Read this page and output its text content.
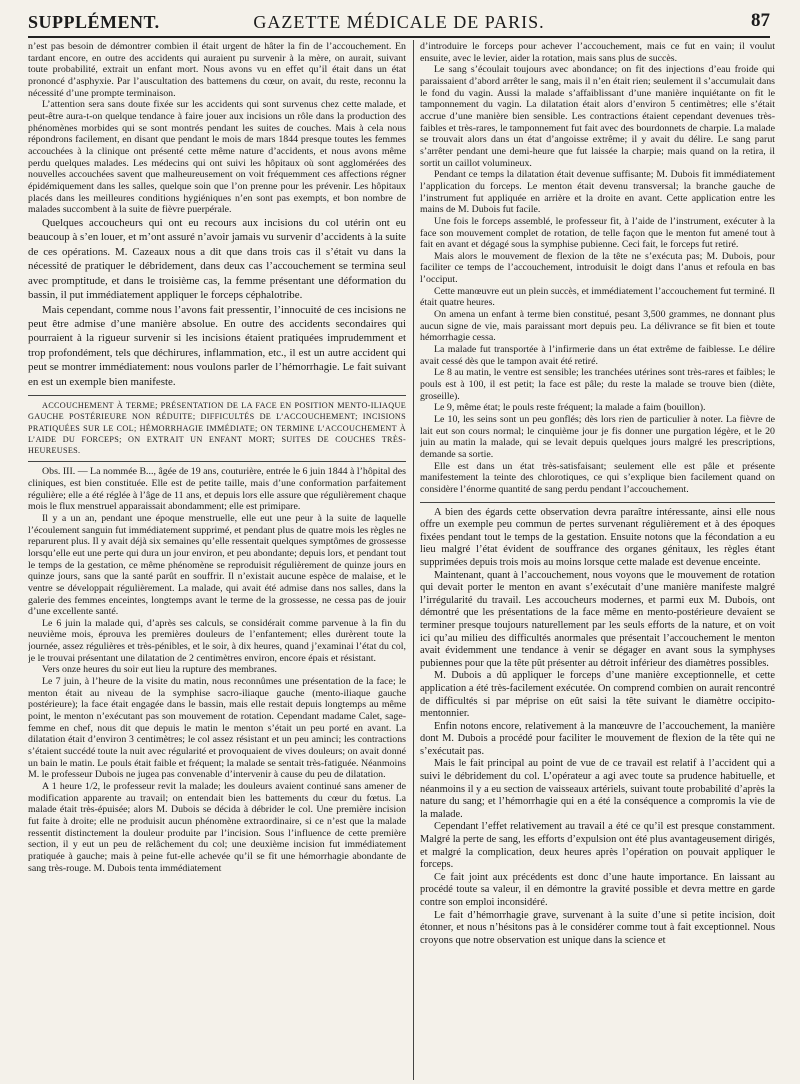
SUPPLÉMENT.	GAZETTE MÉDICALE DE PARIS.	87

n’est pas besoin de démontrer combien il était urgent de hâter la fin de l’accouchement. En tardant encore, en outre des accidents qui auraient pu survenir à la mère, on aurait, suivant toute probabilité, extrait un enfant mort. Nous avons vu en effet qu’il était dans un état prononcé d’asphyxie. Par l’auscultation des battemens du cœur, on avait, du reste, reconnu la nécessité d’une prompte terminaison.

L’attention sera sans doute fixée sur les accidents qui sont survenus chez cette malade, et peut-être aura-t-on quelque tendance à faire jouer aux incisions un rôle dans la production des phénomènes morbides qui se sont montrés pendant les suites de couches. Mais à cela nous répondrons facilement, en disant que pendant le mois de mars 1844 presque toutes les femmes accouchées à la clinique ont présenté cette même nature d’accidents, et nous avons même perdu quelques malades. Les médecins qui ont suivi les hôpitaux où sont agglomérées des nouvelles accouchées savent que malheureusement on voit fréquemment ces affections régner épidémiquement dans les salles, quelque soin que l’on prenne pour les prévenir. Les hôpitaux placés dans les meilleures conditions hygiéniques n’en sont pas exempts, et bon nombre de malades succombent à la suite de fièvre puerpérale.

Quelques accoucheurs qui ont eu recours aux incisions du col utérin ont eu beaucoup à s’en louer, et m’ont assuré n’avoir jamais vu survenir d’accidents à la suite de ces opérations. M. Cazeaux nous a dit que dans trois cas il s’était vu dans la nécessité de pratiquer le débridement, dans deux cas l’accouchement se termina seul avec promptitude, et dans le troisième cas, la femme présentant une déformation du bassin, il put immédiatement appliquer le forceps céphalotribe.

Mais cependant, comme nous l’avons fait pressentir, l’innocuité de ces incisions ne peut être admise d’une manière absolue. En outre des accidents secondaires qui pourraient à la rigueur survenir si les incisions étaient pratiquées imprudemment et trop profondément, tels que déchirures, inflammation, etc., il est un autre accident qui peut se montrer immédiatement: nous voulons parler de l’hémorrhagie. Le fait suivant en est un exemple bien manifeste.

ACCOUCHEMENT À TERME; PRÉSENTATION DE LA FACE EN POSITION MENTO-ILIAQUE GAUCHE POSTÉRIEURE NON RÉDUITE; DIFFICULTÉS DE L’ACCOUCHEMENT; INCISIONS PRATIQUÉES SUR LE COL; HÉMORRHAGIE IMMÉDIATE; ON TERMINE L’ACCOUCHEMENT À L’AIDE DU FORCEPS; ON EXTRAIT UN ENFANT MORT; SUITES DE COUCHES TRÈS-HEUREUSES.

Obs. III. — La nommée B..., âgée de 19 ans, couturière, entrée le 6 juin 1844 à l’hôpital des cliniques, est bien constituée. Elle est de petite taille, mais d’une conformation parfaitement régulière; elle a été réglée à l’âge de 11 ans, et depuis lors elle assure que régulièrement chaque mois le flux menstruel apparaissait abondamment; elle est primipare.

Il y a un an, pendant une époque menstruelle, elle eut une peur à la suite de laquelle l’écoulement sanguin fut immédiatement supprimé, et pendant plus de quatre mois les règles ne reparurent plus. Il y avait déjà six semaines qu’elle ressentait quelques symptômes de grossesse lorsqu’elle eut une perte qui dura un jour environ, et peu abondante; depuis lors, et pendant tout le temps de la gestation, ce même phénomène se reproduisit régulièrement de quinze jours en quinze jours, sans que la santé parût en souffrir. Il n’existait aucune espèce de malaise, et le ventre se développait régulièrement. La malade, qui avait été admise dans nos salles, dans la galerie des femmes enceintes, longtemps avant le terme de la grossesse, ne cessa pas de jouir d’une excellente santé.

Le 6 juin la malade qui, d’après ses calculs, se considérait comme parvenue à la fin du neuvième mois, éprouva les premières douleurs de l’enfantement; elles durèrent toute la journée, assez régulières et très-pénibles, et le soir, à dix heures, quand j’examinai l’état du col, je le trouvai présentant une dilatation de 2 centimètres environ, encore épais et résistant.

Vers onze heures du soir eut lieu la rupture des membranes.

Le 7 juin, à l’heure de la visite du matin, nous reconnûmes une présentation de la face; le menton était au niveau de la symphise sacro-iliaque gauche (mento-iliaque gauche postérieure); la face était engagée dans le bassin, mais elle restait depuis longtemps au même point, le menton n’exécutant pas son mouvement de rotation. Cependant madame Calet, sage-femme en chef, nous dit que depuis le matin le menton s’était un peu porté en avant. La dilatation était d’environ 3 centimètres; le col assez résistant et un peu aminci; les contractions s’étaient succédé toute la nuit avec régularité et provoquaient de vives douleurs; on avait donné un bain le matin. Le pouls était faible et fréquent; la malade se sentait très-fatiguée. Néanmoins M. le professeur Dubois ne jugea pas convenable d’intervenir à cause du peu de dilatation.

A 1 heure 1/2, le professeur revit la malade; les douleurs avaient continué sans amener de modification apparente au travail; on entendait bien les battements du cœur du fœtus. La malade était très-épuisée; alors M. Dubois se décida à débrider le col. Une première incision fut faite à droite; elle ne produisit aucun phénomène extraordinaire, si ce n’est que la malade ressentit distinctement la douleur produite par l’incision. Sous l’influence de cette première section, il y eut un peu de relâchement du col; une deuxième incision fut immédiatement pratiquée à gauche; mais à peine fut-elle achevée qu’il se fit une hémorrhagie abondante de sang très-rouge. M. Dubois tenta immédiatement

d’introduire le forceps pour achever l’accouchement, mais ce fut en vain; il voulut ensuite, avec le levier, aider la rotation, mais sans plus de succès.

Le sang s’écoulait toujours avec abondance; on fit des injections d’eau froide qui paraissaient d’abord arrêter le sang, mais il n’en était rien; seulement il s’accumulait dans le fond du vagin. Aussi la malade s’affaiblissant d’une manière inquiétante on fit le tamponnement du vagin. La dilatation était alors d’environ 5 centimètres; elle s’était accrue d’une manière bien sensible. Les contractions étaient cependant devenues très-faibles et très-rares, le tamponnement fut fait avec des bourdonnets de charpie. La malade se trouvait alors dans un état d’angoisse extrême; il y avait du délire. Le sang parut s’arrêter pendant une demi-heure que fut laissée la charpie; mais quand on la retira, il sortit un caillot volumineux.

Pendant ce temps la dilatation était devenue suffisante; M. Dubois fit immédiatement l’application du forceps. Le menton était devenu transversal; la branche gauche de l’instrument fut appliquée en arrière et la droite en avant. Cette application entre les mains de M. Dubois fut facile.

Une fois le forceps assemblé, le professeur fit, à l’aide de l’instrument, exécuter à la face son mouvement complet de rotation, de telle façon que le menton fut amené tout à fait en avant et dégagé sous la symphise pubienne. Ceci fait, le forceps fut retiré.

Mais alors le mouvement de flexion de la tête ne s’exécuta pas; M. Dubois, pour faciliter ce temps de l’accouchement, introduisit le doigt dans l’anus et refoula en bas l’occiput.

Cette manœuvre eut un plein succès, et immédiatement l’accouchement fut terminé. Il était quatre heures.

On amena un enfant à terme bien constitué, pesant 3,500 grammes, ne donnant plus aucun signe de vie, mais paraissant mort depuis peu. La délivrance se fit bien et toute hémorrhagie cessa.

La malade fut transportée à l’infirmerie dans un état extrême de faiblesse. Le délire avait cessé dès que le tampon avait été retiré.

Le 8 au matin, le ventre est sensible; les tranchées utérines sont très-rares et faibles; le pouls est à 100, il est petit; la face est pâle; du reste la malade se trouve bien (diète, groseille).

Le 9, même état; le pouls reste fréquent; la malade a faim (bouillon).

Le 10, les seins sont un peu gonflés; dès lors rien de particulier à noter. La fièvre de lait eut son cours normal; le cinquième jour je fis donner une purgation légère, et le 20 juin au matin la malade, qui se levait depuis quelques jours malgré les prescriptions, demande sa sortie.

Elle est dans un état très-satisfaisant; seulement elle est pâle et présente manifestement la teinte des chlorotiques, ce qui s’explique bien facilement quand on considère l’énorme quantité de sang perdu pendant l’accouchement.

A bien des égards cette observation devra paraître intéressante, ainsi elle nous offre un exemple peu commun de pertes survenant régulièrement et à des époques fixées pendant tout le temps de la gestation. Ensuite notons que la fécondation a eu lieu malgré l’état évident de souffrance des organes génitaux, les règles étant supprimées depuis trois mois au moins lorsque cette malade est devenue enceinte.

Maintenant, quant à l’accouchement, nous voyons que le mouvement de rotation qui devait porter le menton en avant s’exécutait d’une manière manifeste malgré l’irrégularité du travail. Les accoucheurs modernes, et parmi eux M. Dubois, ont démontré que les présentations de la face même en mento-postérieure devaient se terminer presque toujours naturellement par les seuls efforts de la nature, et on voit ici qu’au milieu des difficultés anormales que présentait l’accouchement le menton avait évidemment une tendance à venir se dégager en avant sous la symphyses pubiennes pour que la tête pût présenter au détroit inférieur des diamètres possibles.

M. Dubois a dû appliquer le forceps d’une manière exceptionnelle, et cette application a été très-facilement exécutée. On comprend combien on aurait rencontré de difficultés si par méprise on eût saisi la tête suivant le diamètre occipito-mentonnier.

Enfin notons encore, relativement à la manœuvre de l’accouchement, la manière dont M. Dubois a procédé pour faciliter le mouvement de flexion de la tête qui ne s’exécutait pas.

Mais le fait principal au point de vue de ce travail est relatif à l’accident qui a suivi le débridement du col. L’opérateur a agi avec toute sa prudence habituelle, et néanmoins il y a eu section de vaisseaux artériels, suivant toute probabilité d’après la nature du sang; et l’hémorrhagie qui en a été la conséquence a compromis la vie de la malade.

Cependant l’effet relativement au travail a été ce qu’il est presque constamment. Malgré la perte de sang, les efforts d’expulsion ont été plus avantageusement dirigés, et malgré la complication, deux heures après l’opération on pouvait appliquer le forceps.

Ce fait joint aux précédents est donc d’une haute importance. En laissant au procédé toute sa valeur, il en démontre la gravité possible et devra mettre en garde contre son emploi inconsidéré.

Le fait d’hémorrhagie grave, survenant à la suite d’une si petite incision, doit étonner, et nous n’hésitons pas à le considérer comme tout à fait exceptionnel. Nous croyons que notre observation est unique dans la science et
